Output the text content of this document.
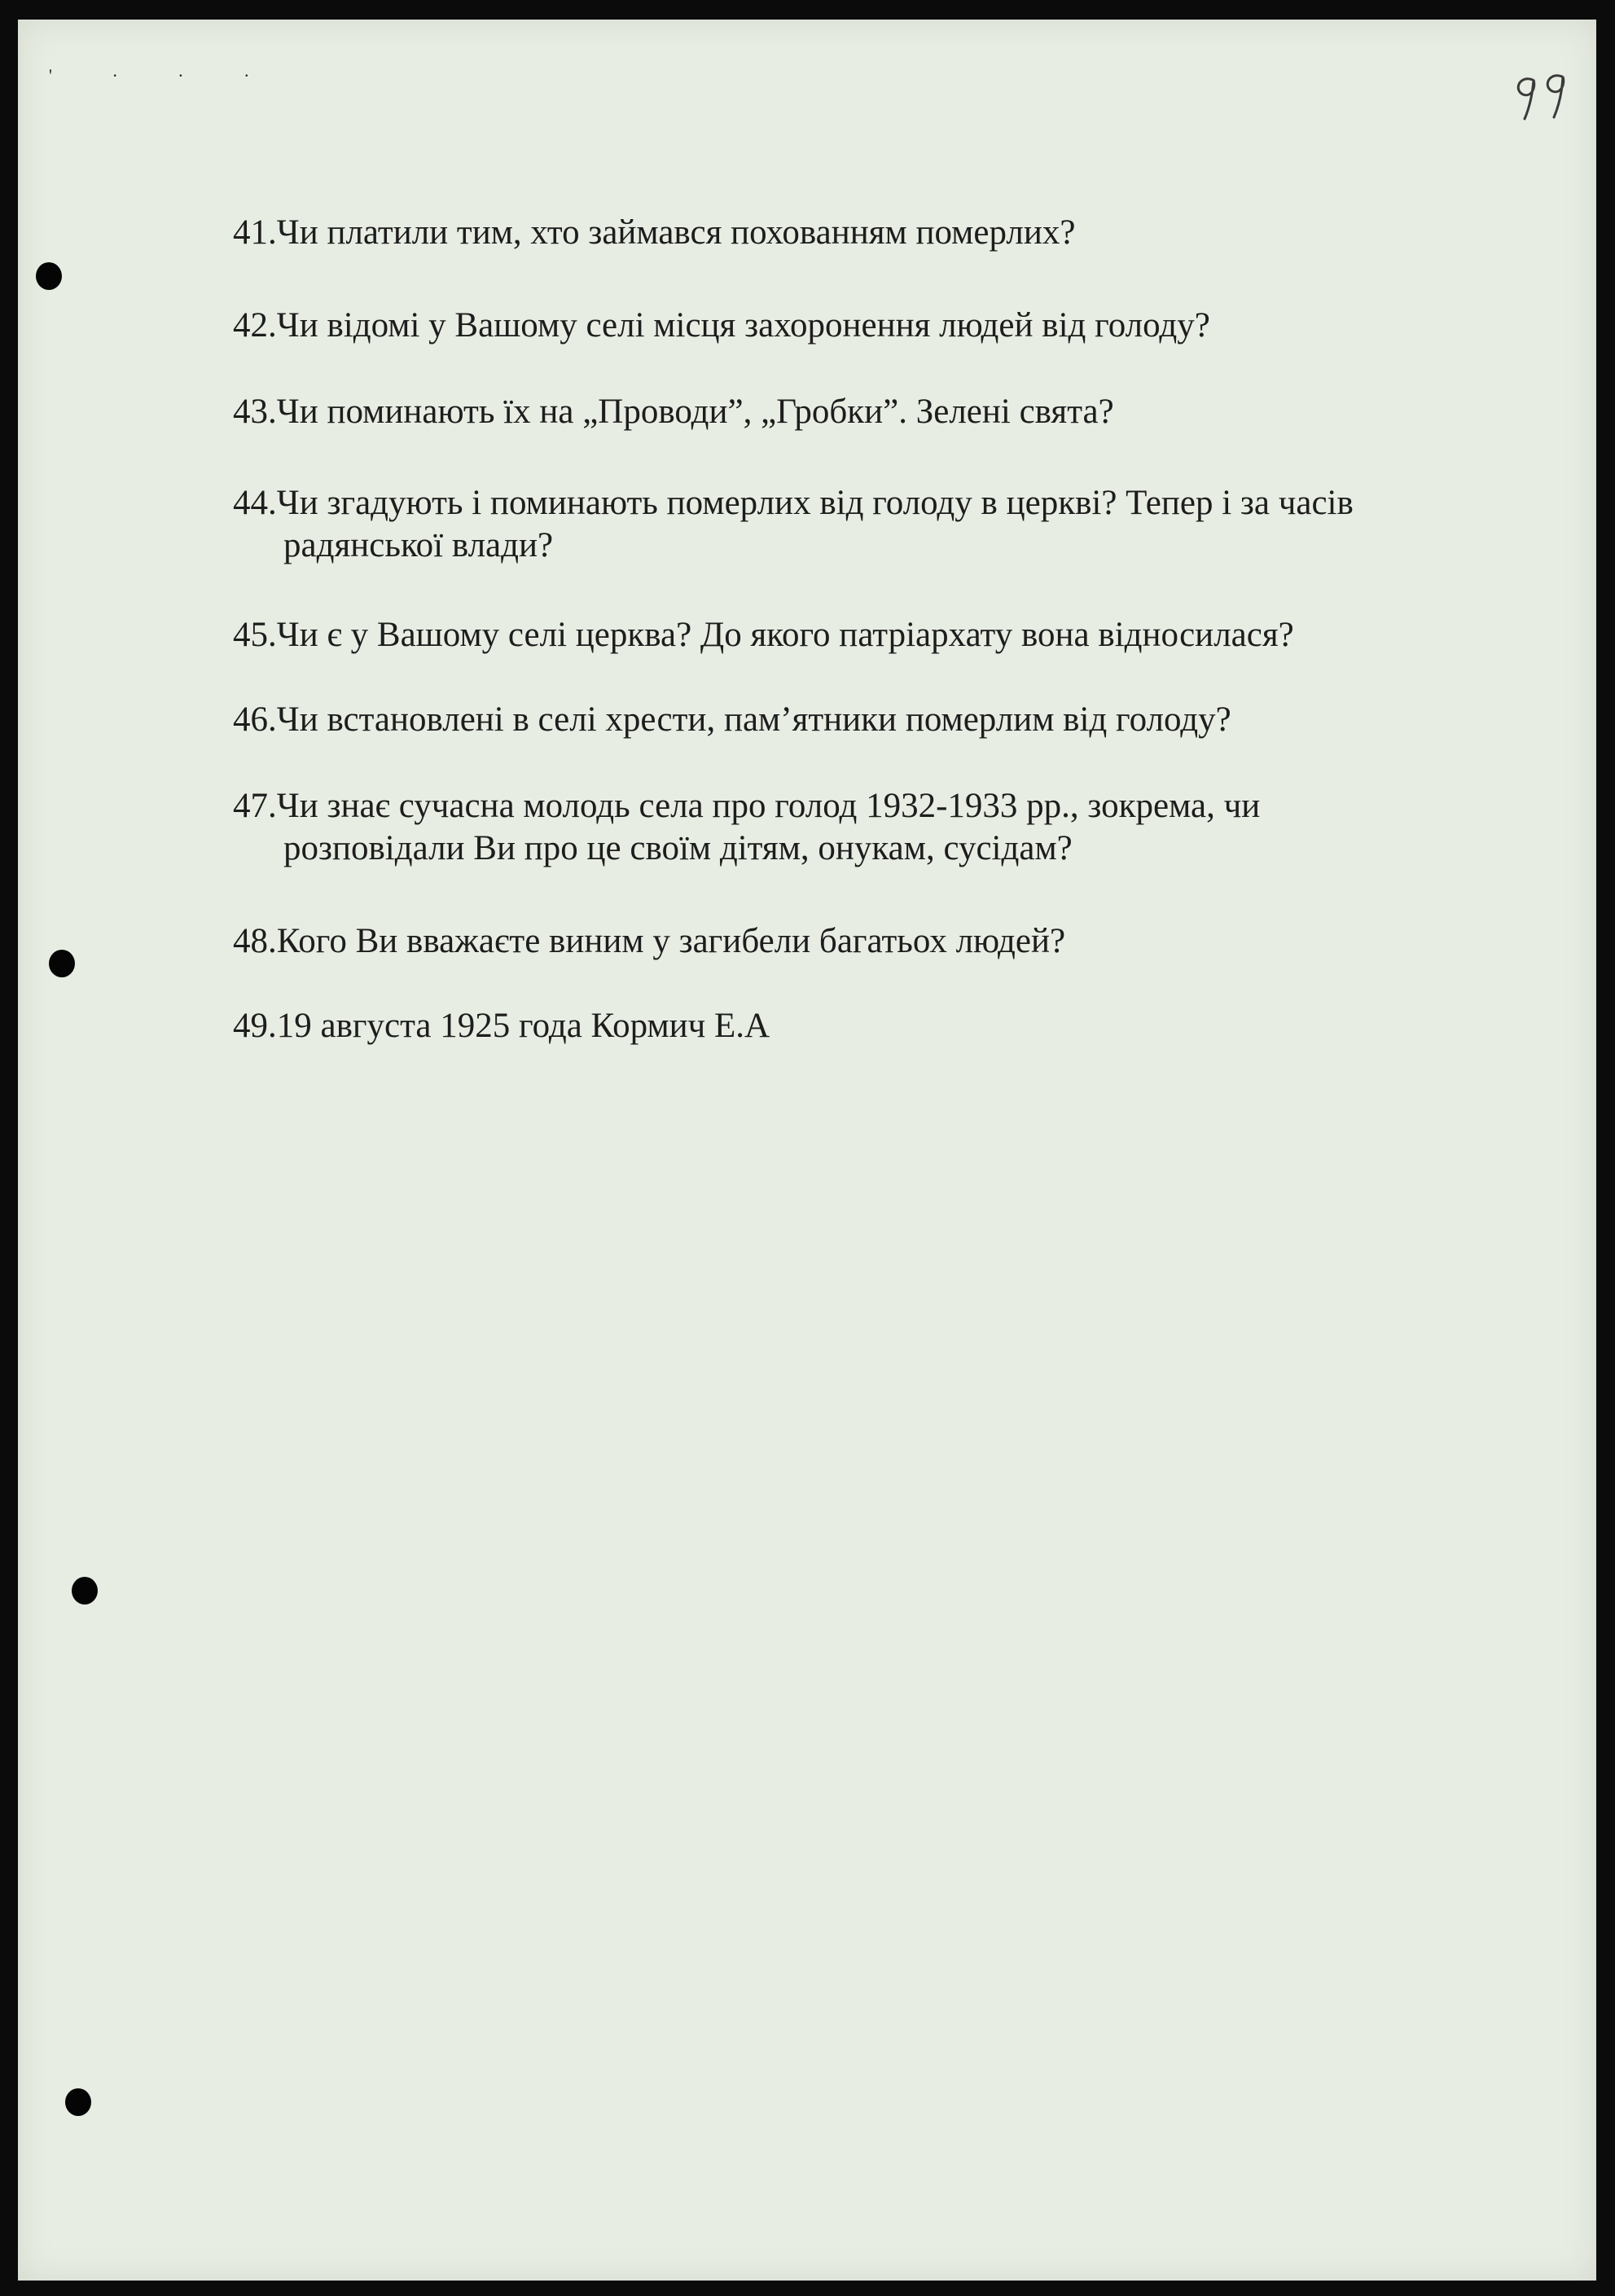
' · · ·
41.Чи платили тим, хто займався похованням померлих?
42.Чи відомі у Вашому селі місця захоронення людей від голоду?
43.Чи поминають їх на „Проводи”, „Гробки”. Зелені свята?
44.Чи згадують і поминають померлих від голоду в церкві? Тепер і за часів
радянської влади?
45.Чи є у Вашому селі церква? До якого патріархату вона відносилася?
46.Чи встановлені в селі хрести, пам’ятники померлим від голоду?
47.Чи знає сучасна молодь села про голод 1932-1933 рр., зокрема, чи
розповідали Ви про це своїм дітям, онукам, сусідам?
48.Кого Ви вважаєте виним у загибели багатьох людей?
49.19 августа 1925 года Кормич Е.А
